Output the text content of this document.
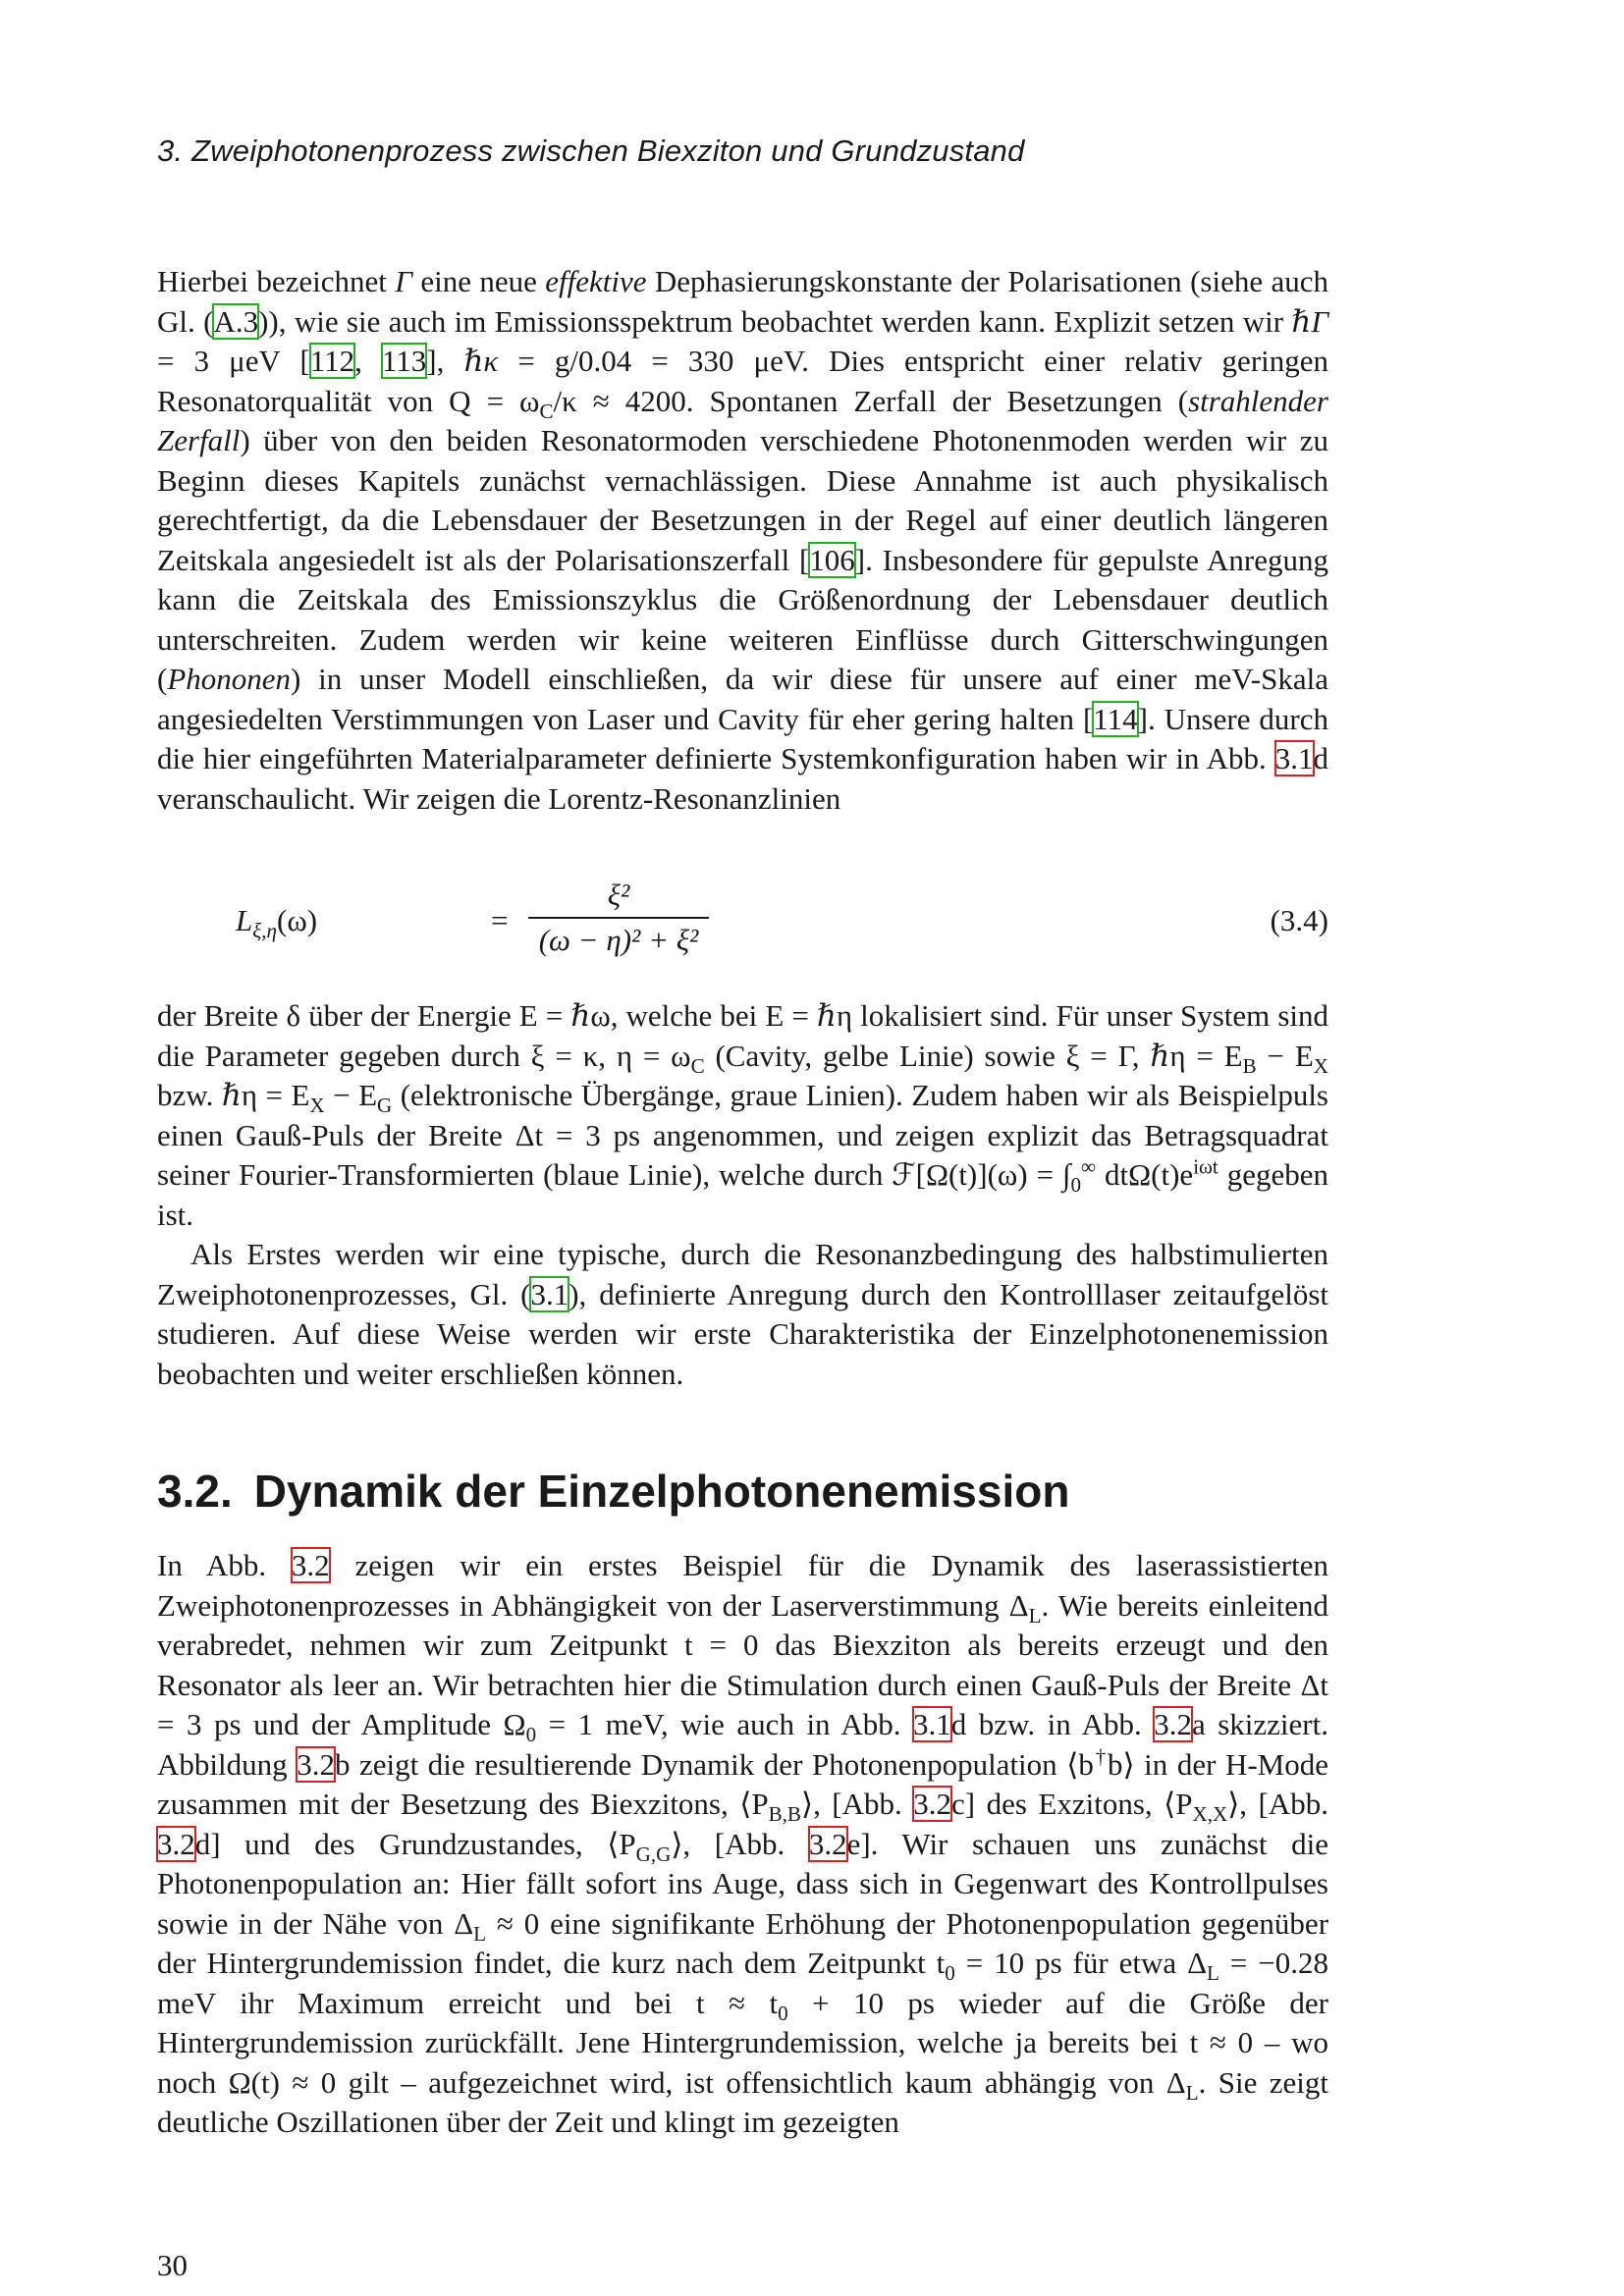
3. Zweiphotonenprozess zwischen Biexziton und Grundzustand

Hierbei bezeichnet Γ eine neue effektive Dephasierungskonstante der Polarisationen (siehe auch Gl. (A.3)), wie sie auch im Emissionsspektrum beobachtet werden kann. Explizit setzen wir ℏΓ = 3 μeV [112, 113], ℏκ = g/0.04 = 330 μeV. Dies entspricht einer relativ geringen Resonatorqualität von $Q = \omega_C/\kappa \approx 4200$. Spontanen Zerfall der Besetzungen (strahlender Zerfall) über von den beiden Resonatormoden verschiedene Photonenmoden werden wir zu Beginn dieses Kapitels zunächst vernachlässigen. Diese Annahme ist auch physikalisch gerechtfertigt, da die Lebensdauer der Besetzungen in der Regel auf einer deutlich längeren Zeitskala angesiedelt ist als der Polarisationszerfall [106]. Insbesondere für gepulste Anregung kann die Zeitskala des Emissionszyklus die Größenordnung der Lebensdauer deutlich unterschreiten. Zudem werden wir keine weiteren Einflüsse durch Gitterschwingungen (Phononen) in unser Modell einschließen, da wir diese für unsere auf einer meV-Skala angesiedelten Verstimmungen von Laser und Cavity für eher gering halten [114]. Unsere durch die hier eingeführten Materialparameter definierte Systemkonfiguration haben wir in Abb. 3.1d veranschaulicht. Wir zeigen die Lorentz-Resonanzlinien

$L_{\xi,\eta}(\omega)$	=
ξ²
(ω − η)² + ξ²
(3.4)

der Breite δ über der Energie E = ℏω, welche bei E = ℏη lokalisiert sind. Für unser System sind die Parameter gegeben durch ξ = κ, $\eta = \omega_C$ (Cavity, gelbe Linie) sowie ξ = Γ, ℏη = $E_B - E_X$ bzw. ℏη = $E_X - E_G$ (elektronische Übergänge, graue Linien). Zudem haben wir als Beispielpuls einen Gauß-Puls der Breite Δt = 3 ps angenommen, und zeigen explizit das Betragsquadrat seiner Fourier-Transformierten (blaue Linie), welche durch ℱ[Ω(t)](ω) = $\int_0^\infty$ $dt\Omega(t)e^{i\omega t}$ gegeben ist.

Als Erstes werden wir eine typische, durch die Resonanzbedingung des halbstimulierten Zweiphotonenprozesses, Gl. (3.1), definierte Anregung durch den Kontrolllaser zeitaufgelöst studieren. Auf diese Weise werden wir erste Charakteristika der Einzelphotonenemission beobachten und weiter erschließen können.

3.2. Dynamik der Einzelphotonenemission

In Abb. 3.2 zeigen wir ein erstes Beispiel für die Dynamik des laserassistierten Zweiphotonenprozesses in Abhängigkeit von der Laserverstimmung $\Delta_L$. Wie bereits einleitend verabredet, nehmen wir zum Zeitpunkt t = 0 das Biexziton als bereits erzeugt und den Resonator als leer an. Wir betrachten hier die Stimulation durch einen Gauß-Puls der Breite Δt = 3 ps und der Amplitude $\Omega_0 = 1$ meV, wie auch in Abb. 3.1d bzw. in Abb. 3.2a skizziert. Abbildung 3.2b zeigt die resultierende Dynamik der Photonenpopulation ⟨b†b⟩ in der H-Mode zusammen mit der Besetzung des Biexzitons, $⟨P_{B,B}⟩$, [Abb. 3.2c] des Exzitons, $⟨P_{X,X}⟩$, [Abb. 3.2d] und des Grundzustandes, $⟨P_{G,G}⟩$, [Abb. 3.2e]. Wir schauen uns zunächst die Photonenpopulation an: Hier fällt sofort ins Auge, dass sich in Gegenwart des Kontrollpulses sowie in der Nähe von $\Delta_L \approx 0$ eine signifikante Erhöhung der Photonenpopulation gegenüber der Hintergrundemission findet, die kurz nach dem Zeitpunkt $t_0 = 10$ ps für etwa $\Delta_L = -0.28$ meV ihr Maximum erreicht und bei $t \approx t_0 + 10$ ps wieder auf die Größe der Hintergrundemission zurückfällt. Jene Hintergrundemission, welche ja bereits bei t ≈ 0 – wo noch Ω(t) ≈ 0 gilt – aufgezeichnet wird, ist offensichtlich kaum abhängig von $\Delta_L$. Sie zeigt deutliche Oszillationen über der Zeit und klingt im gezeigten

30
